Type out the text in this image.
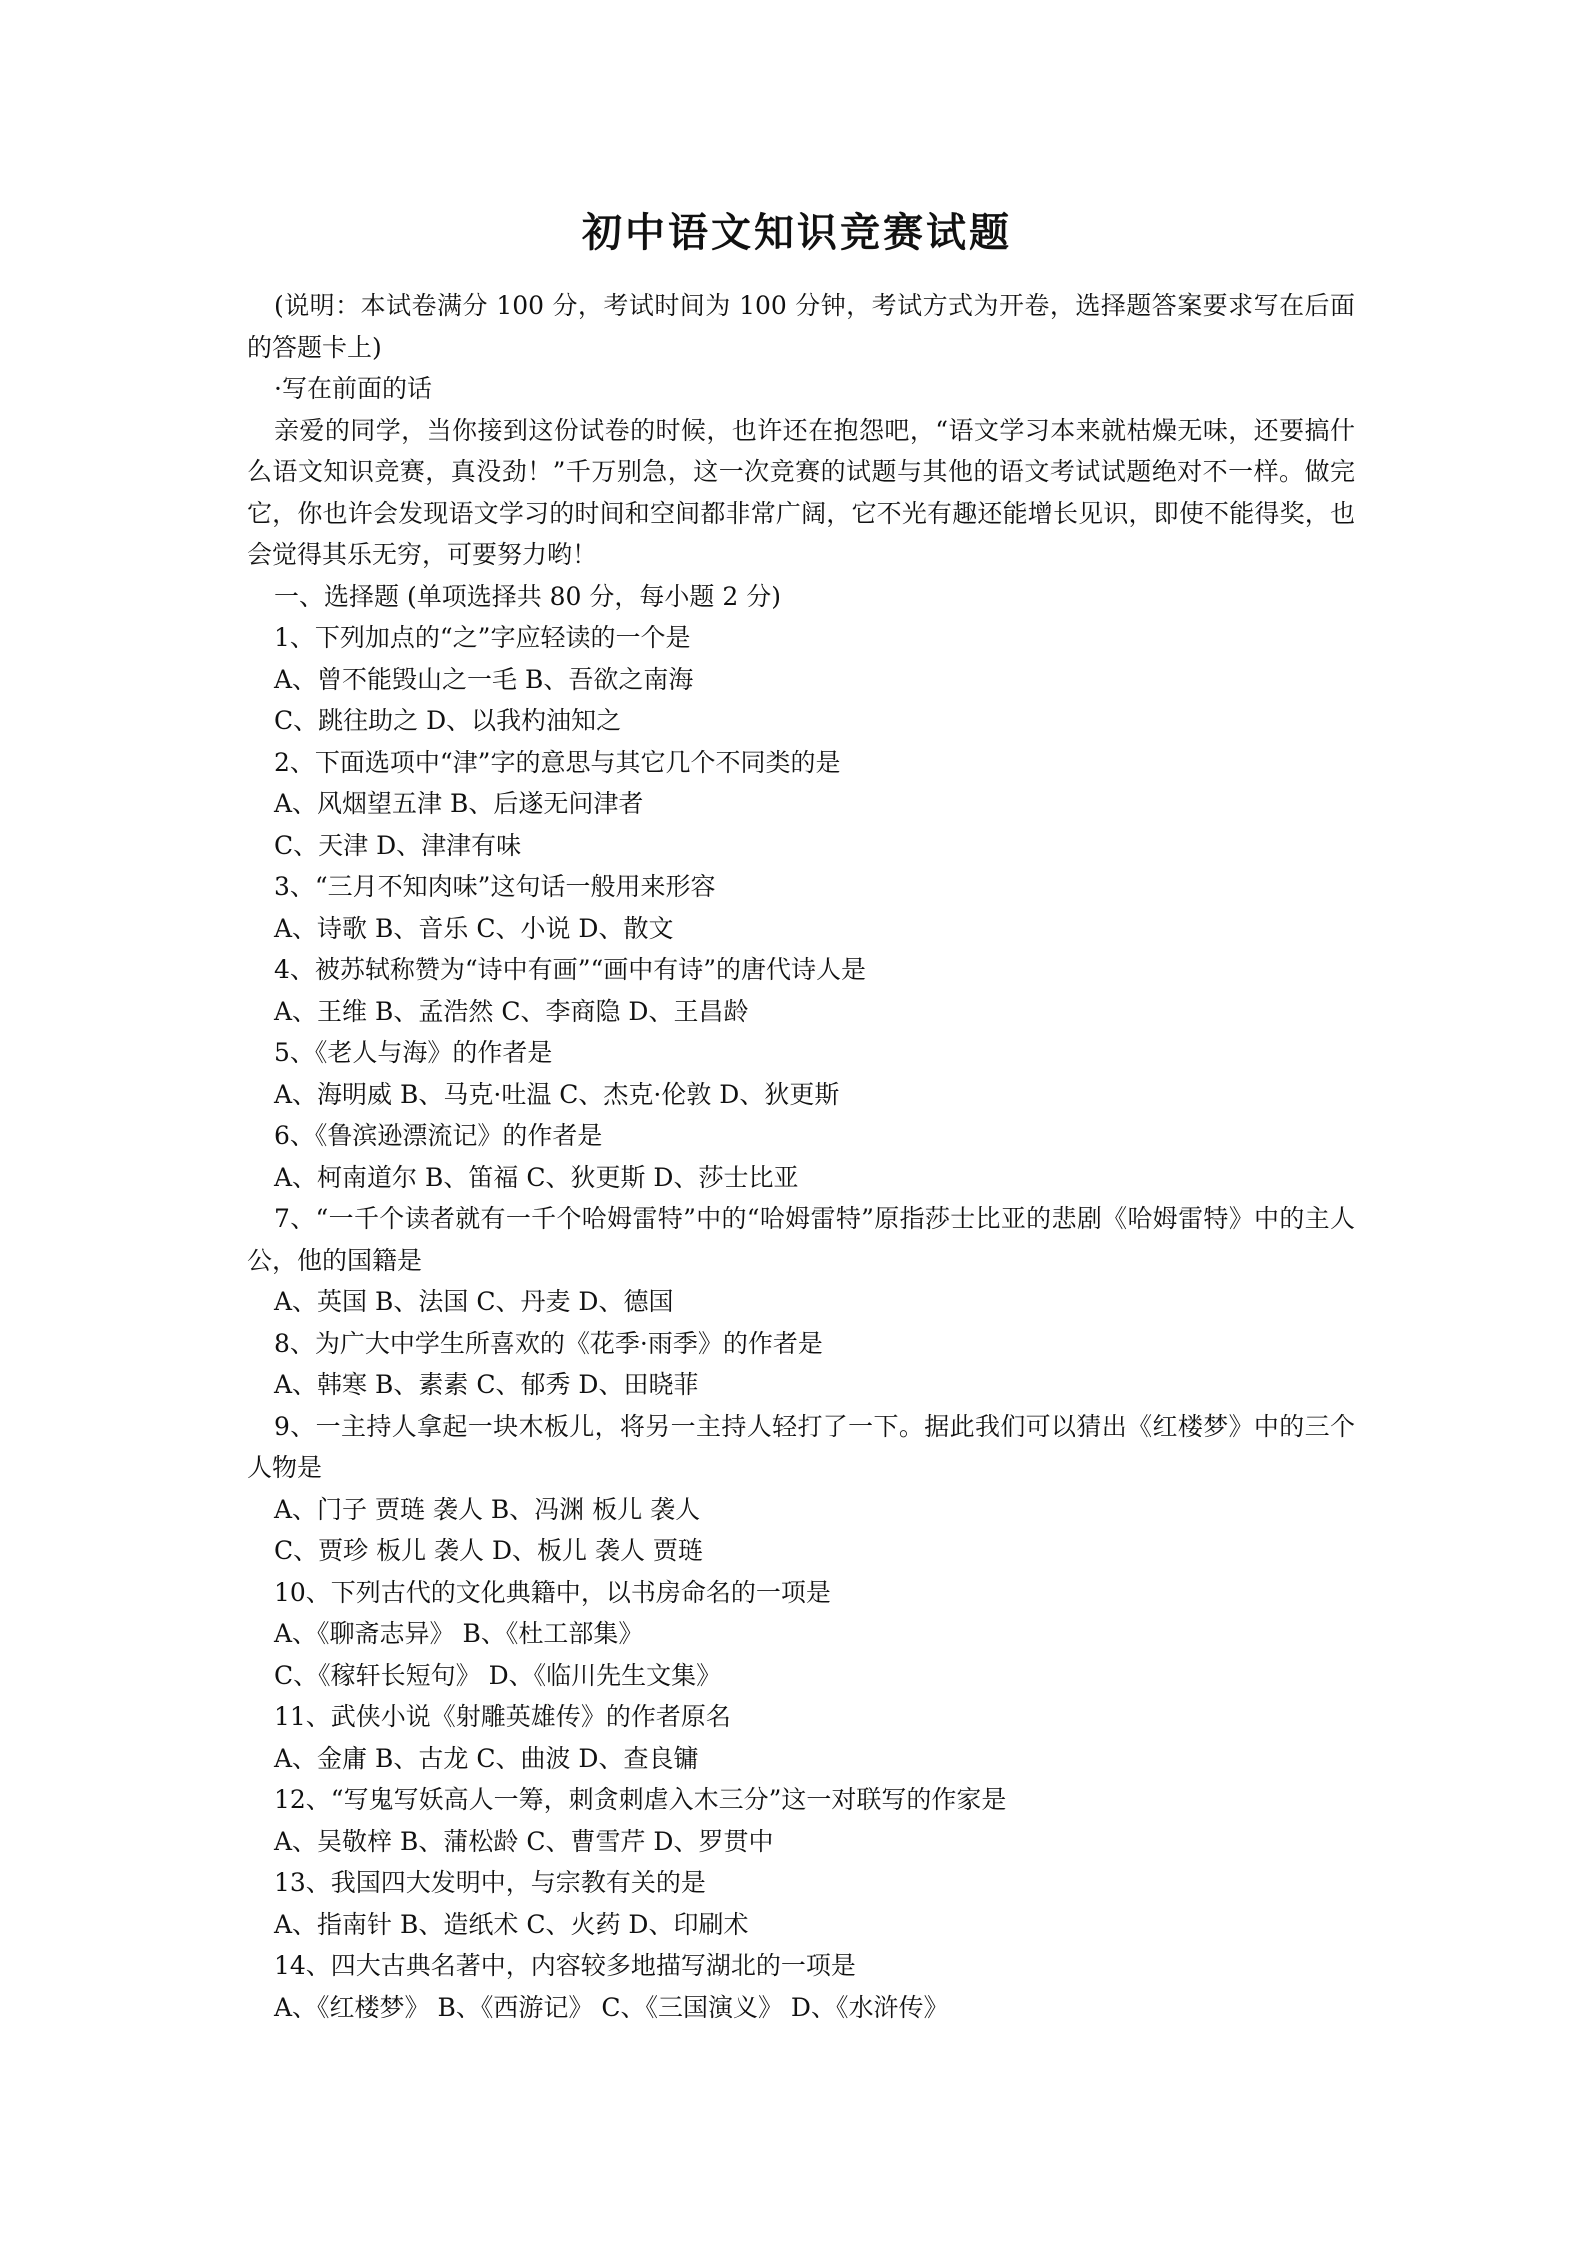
初中语文知识竞赛试题

(说明：本试卷满分 100 分，考试时间为 100 分钟，考试方式为开卷，选择题答案要求写在后面的答题卡上)

·写在前面的话

亲爱的同学，当你接到这份试卷的时候，也许还在抱怨吧，“语文学习本来就枯燥无味，还要搞什么语文知识竞赛，真没劲！”千万别急，这一次竞赛的试题与其他的语文考试试题绝对不一样。做完它，你也许会发现语文学习的时间和空间都非常广阔，它不光有趣还能增长见识，即使不能得奖，也会觉得其乐无穷，可要努力哟！

一、选择题 (单项选择共 80 分，每小题 2 分)

1、下列加点的“之”字应轻读的一个是

A、曾不能毁山之一毛 B、吾欲之南海

C、跳往助之 D、以我杓油知之

2、下面选项中“津”字的意思与其它几个不同类的是

A、风烟望五津 B、后遂无问津者

C、天津 D、津津有味

3、“三月不知肉味”这句话一般用来形容

A、诗歌 B、音乐 C、小说 D、散文

4、被苏轼称赞为“诗中有画”“画中有诗”的唐代诗人是

A、王维 B、孟浩然 C、李商隐 D、王昌龄

5、《老人与海》的作者是

A、海明威 B、马克·吐温 C、杰克·伦敦 D、狄更斯

6、《鲁滨逊漂流记》的作者是

A、柯南道尔 B、笛福 C、狄更斯 D、莎士比亚

7、“一千个读者就有一千个哈姆雷特”中的“哈姆雷特”原指莎士比亚的悲剧《哈姆雷特》中的主人公，他的国籍是

A、英国 B、法国 C、丹麦 D、德国

8、为广大中学生所喜欢的《花季·雨季》的作者是

A、韩寒 B、素素 C、郁秀 D、田晓菲

9、一主持人拿起一块木板儿，将另一主持人轻打了一下。据此我们可以猜出《红楼梦》中的三个人物是

A、门子 贾琏 袭人 B、冯渊 板儿 袭人

C、贾珍 板儿 袭人 D、板儿 袭人 贾琏

10、下列古代的文化典籍中，以书房命名的一项是

A、《聊斋志异》 B、《杜工部集》

C、《稼轩长短句》 D、《临川先生文集》

11、武侠小说《射雕英雄传》的作者原名

A、金庸 B、古龙 C、曲波 D、查良镛

12、“写鬼写妖高人一筹，刺贪刺虐入木三分”这一对联写的作家是

A、吴敬梓 B、蒲松龄 C、曹雪芹 D、罗贯中

13、我国四大发明中，与宗教有关的是

A、指南针 B、造纸术 C、火药 D、印刷术

14、四大古典名著中，内容较多地描写湖北的一项是

A、《红楼梦》 B、《西游记》 C、《三国演义》 D、《水浒传》
